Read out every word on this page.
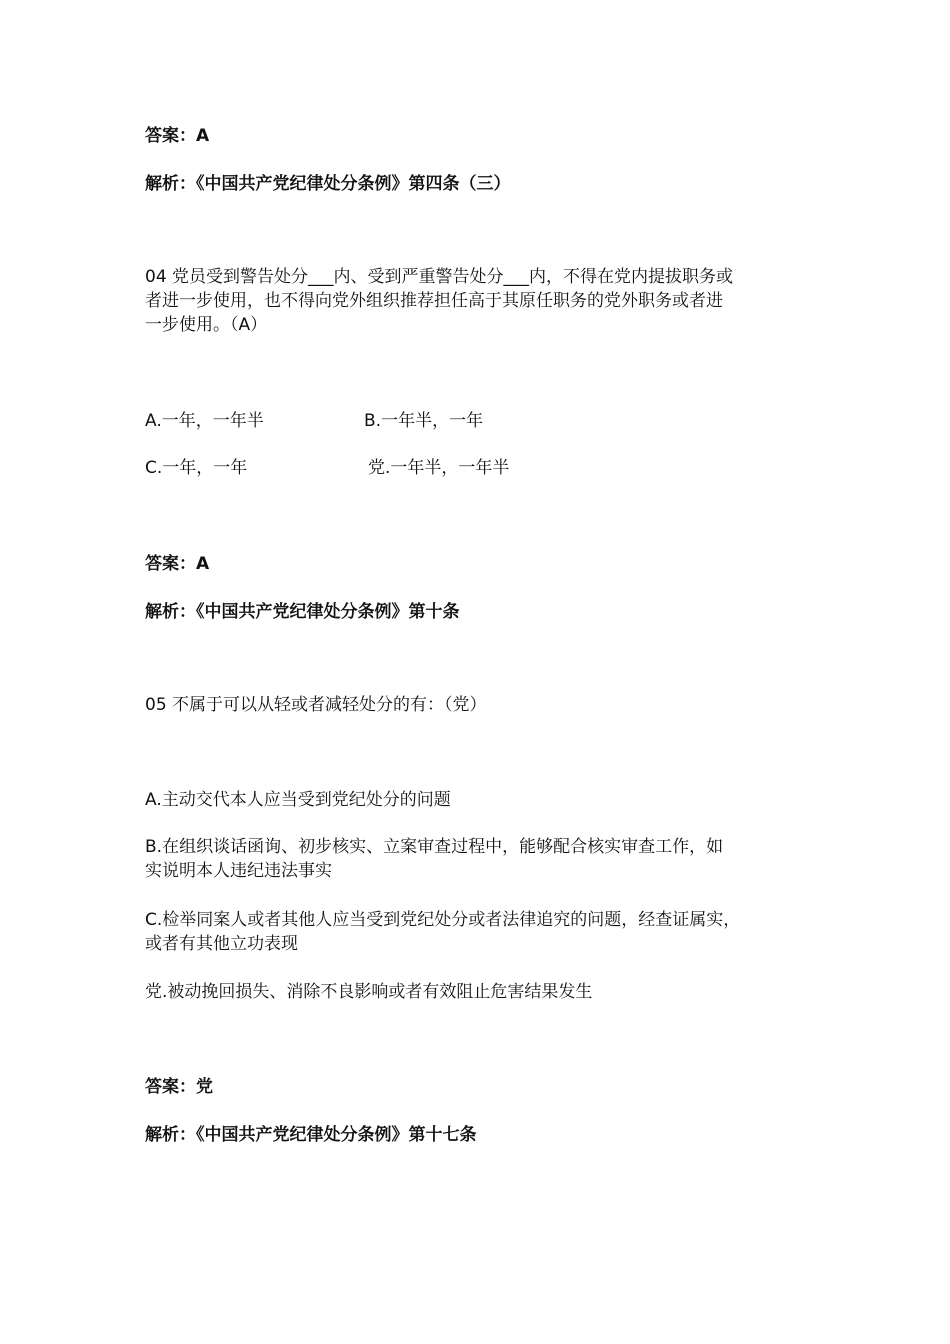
答案：A
解析：《中国共产党纪律处分条例》第四条（三）
04 党员受到警告处分___内、受到严重警告处分___内，不得在党内提拔职务或
者进一步使用，也不得向党外组织推荐担任高于其原任职务的党外职务或者进
一步使用。（A）
A.一年，一年半	B.一年半，一年
C.一年，一年	党.一年半，一年半
答案：A
解析：《中国共产党纪律处分条例》第十条
05 不属于可以从轻或者减轻处分的有：（党）
A.主动交代本人应当受到党纪处分的问题
B.在组织谈话函询、初步核实、立案审查过程中，能够配合核实审查工作，如
实说明本人违纪违法事实
C.检举同案人或者其他人应当受到党纪处分或者法律追究的问题，经查证属实，
或者有其他立功表现
党.被动挽回损失、消除不良影响或者有效阻止危害结果发生
答案：党
解析：《中国共产党纪律处分条例》第十七条
